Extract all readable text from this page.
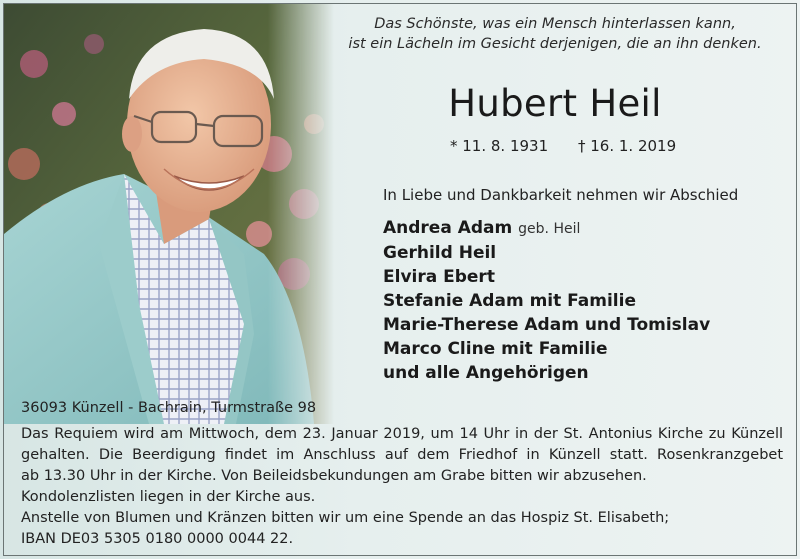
Das Schönste, was ein Mensch hinterlassen kann,
ist ein Lächeln im Gesicht derjenigen, die an ihn denken.
Hubert Heil
* 11. 8. 1931 † 16. 1. 2019
In Liebe und Dankbarkeit nehmen wir Abschied
Andrea Adam geb. Heil
Gerhild Heil
Elvira Ebert
Stefanie Adam mit Familie
Marie-Therese Adam und Tomislav
Marco Cline mit Familie
und alle Angehörigen
36093 Künzell - Bachrain, Turmstraße 98
Das Requiem wird am Mittwoch, dem 23. Januar 2019, um 14 Uhr in der St. Antonius Kirche zu Künzell
gehalten. Die Beerdigung findet im Anschluss auf dem Friedhof in Künzell statt. Rosenkranzgebet
ab 13.30 Uhr in der Kirche. Von Beileidsbekundungen am Grabe bitten wir abzusehen.
Kondolenzlisten liegen in der Kirche aus.
Anstelle von Blumen und Kränzen bitten wir um eine Spende an das Hospiz St. Elisabeth;
IBAN DE03 5305 0180 0000 0044 22.
